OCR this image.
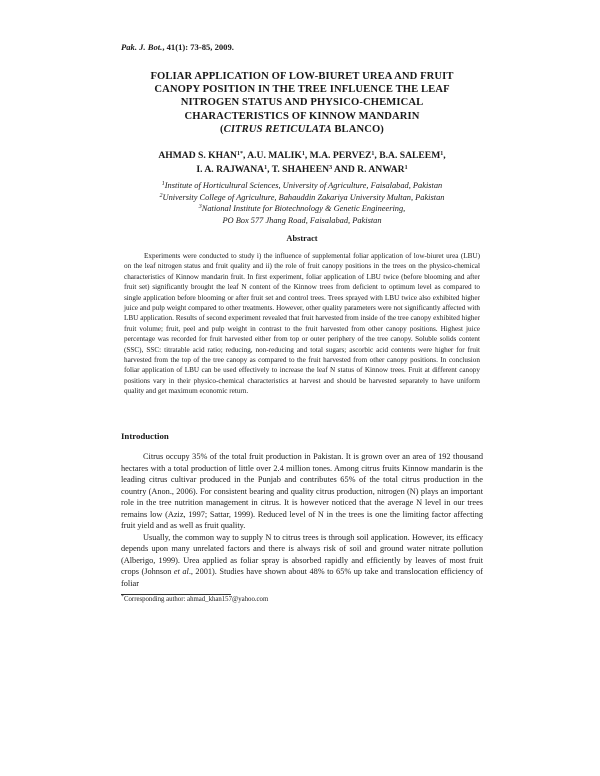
Pak. J. Bot., 41(1): 73-85, 2009.
FOLIAR APPLICATION OF LOW-BIURET UREA AND FRUIT
CANOPY POSITION IN THE TREE INFLUENCE THE LEAF
NITROGEN STATUS AND PHYSICO-CHEMICAL
CHARACTERISTICS OF KINNOW MANDARIN
(CITRUS RETICULATA BLANCO)
AHMAD S. $KHAN^{1*}$, A.U. MALIK$^1$, M.A. PERVEZ$^1$, B.A. SALEEM$^1$,
I. A. RAJWANA$^1$, T. SHAHEEN$^3$ AND R. ANWAR$^1$
$^1$Institute of Horticultural Sciences, University of Agriculture, Faisalabad, Pakistan
$^2$University College of Agriculture, Bahauddin Zakariya University Multan, Pakistan
$^3$National Institute for Biotechnology & Genetic Engineering,
PO Box 577 Jhang Road, Faisalabad, Pakistan
Abstract

Experiments were conducted to study i) the influence of supplemental foliar application of low-biuret urea (LBU) on the leaf nitrogen status and fruit quality and ii) the role of fruit canopy positions in the trees on the physico-chemical characteristics of Kinnow mandarin fruit. In first experiment, foliar application of LBU twice (before blooming and after fruit set) significantly brought the leaf N content of the Kinnow trees from deficient to optimum level as compared to single application before blooming or after fruit set and control trees. Trees sprayed with LBU twice also exhibited higher juice and pulp weight compared to other treatments. However, other quality parameters were not significantly affected with LBU application. Results of second experiment revealed that fruit harvested from inside of the tree canopy exhibited higher fruit volume; fruit, peel and pulp weight in contrast to the fruit harvested from other canopy positions. Highest juice percentage was recorded for fruit harvested either from top or outer periphery of the tree canopy. Soluble solids content (SSC), SSC: titratable acid ratio; reducing, non-reducing and total sugars; ascorbic acid contents were higher for fruit harvested from the top of the tree canopy as compared to the fruit harvested from other canopy positions. In conclusion foliar application of LBU can be used effectively to increase the leaf N status of Kinnow trees. Fruit at different canopy positions vary in their physico-chemical characteristics at harvest and should be harvested separately to have uniform quality and get maximum economic return.

Introduction

Citrus occupy 35% of the total fruit production in Pakistan. It is grown over an area of 192 thousand hectares with a total production of little over 2.4 million tones. Among citrus fruits Kinnow mandarin is the leading citrus cultivar produced in the Punjab and contributes 65% of the total citrus production in the country (Anon., 2006). For consistent bearing and quality citrus production, nitrogen (N) plays an important role in the tree nutrition management in citrus. It is however noticed that the average N level in our trees remains low (Aziz, 1997; Sattar, 1999). Reduced level of N in the trees is one the limiting factor affecting fruit yield and as well as fruit quality.

Usually, the common way to supply N to citrus trees is through soil application. However, its efficacy depends upon many unrelated factors and there is always risk of soil and ground water nitrate pollution (Alberigo, 1999). Urea applied as foliar spray is absorbed rapidly and efficiently by leaves of most fruit crops (Johnson et al., 2001). Studies have shown about 48% to 65% up take and translocation efficiency of foliar

*Corresponding author: ahmad_khan157@yahoo.com
